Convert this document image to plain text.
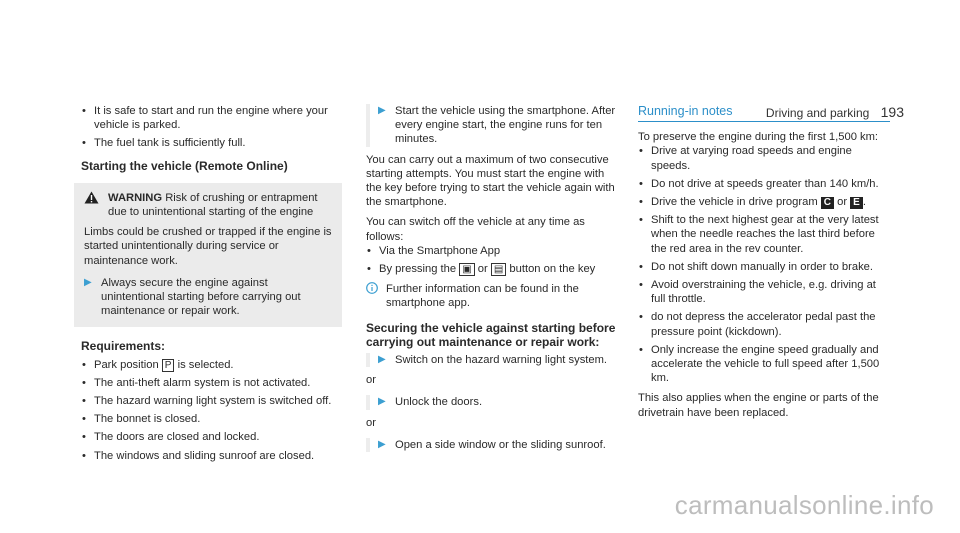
Driving and parking 193
• It is safe to start and run the engine where your vehicle is parked.
• The fuel tank is sufficiently full.
Starting the vehicle (Remote Online)
WARNING Risk of crushing or entrapment due to unintentional starting of the engine

Limbs could be crushed or trapped if the engine is started unintentionally during service or maintenance work.

▶ Always secure the engine against unintentional starting before carrying out maintenance or repair work.
Requirements:
• Park position P is selected.
• The anti-theft alarm system is not activated.
• The hazard warning light system is switched off.
• The bonnet is closed.
• The doors are closed and locked.
• The windows and sliding sunroof are closed.
▶ Start the vehicle using the smartphone. After every engine start, the engine runs for ten minutes.

You can carry out a maximum of two consecutive starting attempts. You must start the engine with the key before trying to start the vehicle again with the smartphone.

You can switch off the vehicle at any time as follows:

• Via the Smartphone App
• By pressing the ▣ or ▤ button on the key
Further information can be found in the smartphone app.
Securing the vehicle against starting before carrying out maintenance or repair work:
▶ Switch on the hazard warning light system.

or

▶ Unlock the doors.

or

▶ Open a side window or the sliding sunroof.
Running-in notes

To preserve the engine during the first 1,500 km:

• Drive at varying road speeds and engine speeds.
• Do not drive at speeds greater than 140 km/h.
• Drive the vehicle in drive program C or E .
• Shift to the next highest gear at the very latest when the needle reaches the last third before the red area in the rev counter.
• Do not shift down manually in order to brake.
• Avoid overstraining the vehicle, e.g. driving at full throttle.
• do not depress the accelerator pedal past the pressure point (kickdown).
• Only increase the engine speed gradually and accelerate the vehicle to full speed after 1,500 km.

This also applies when the engine or parts of the drivetrain have been replaced.

carmanualsonline.info
